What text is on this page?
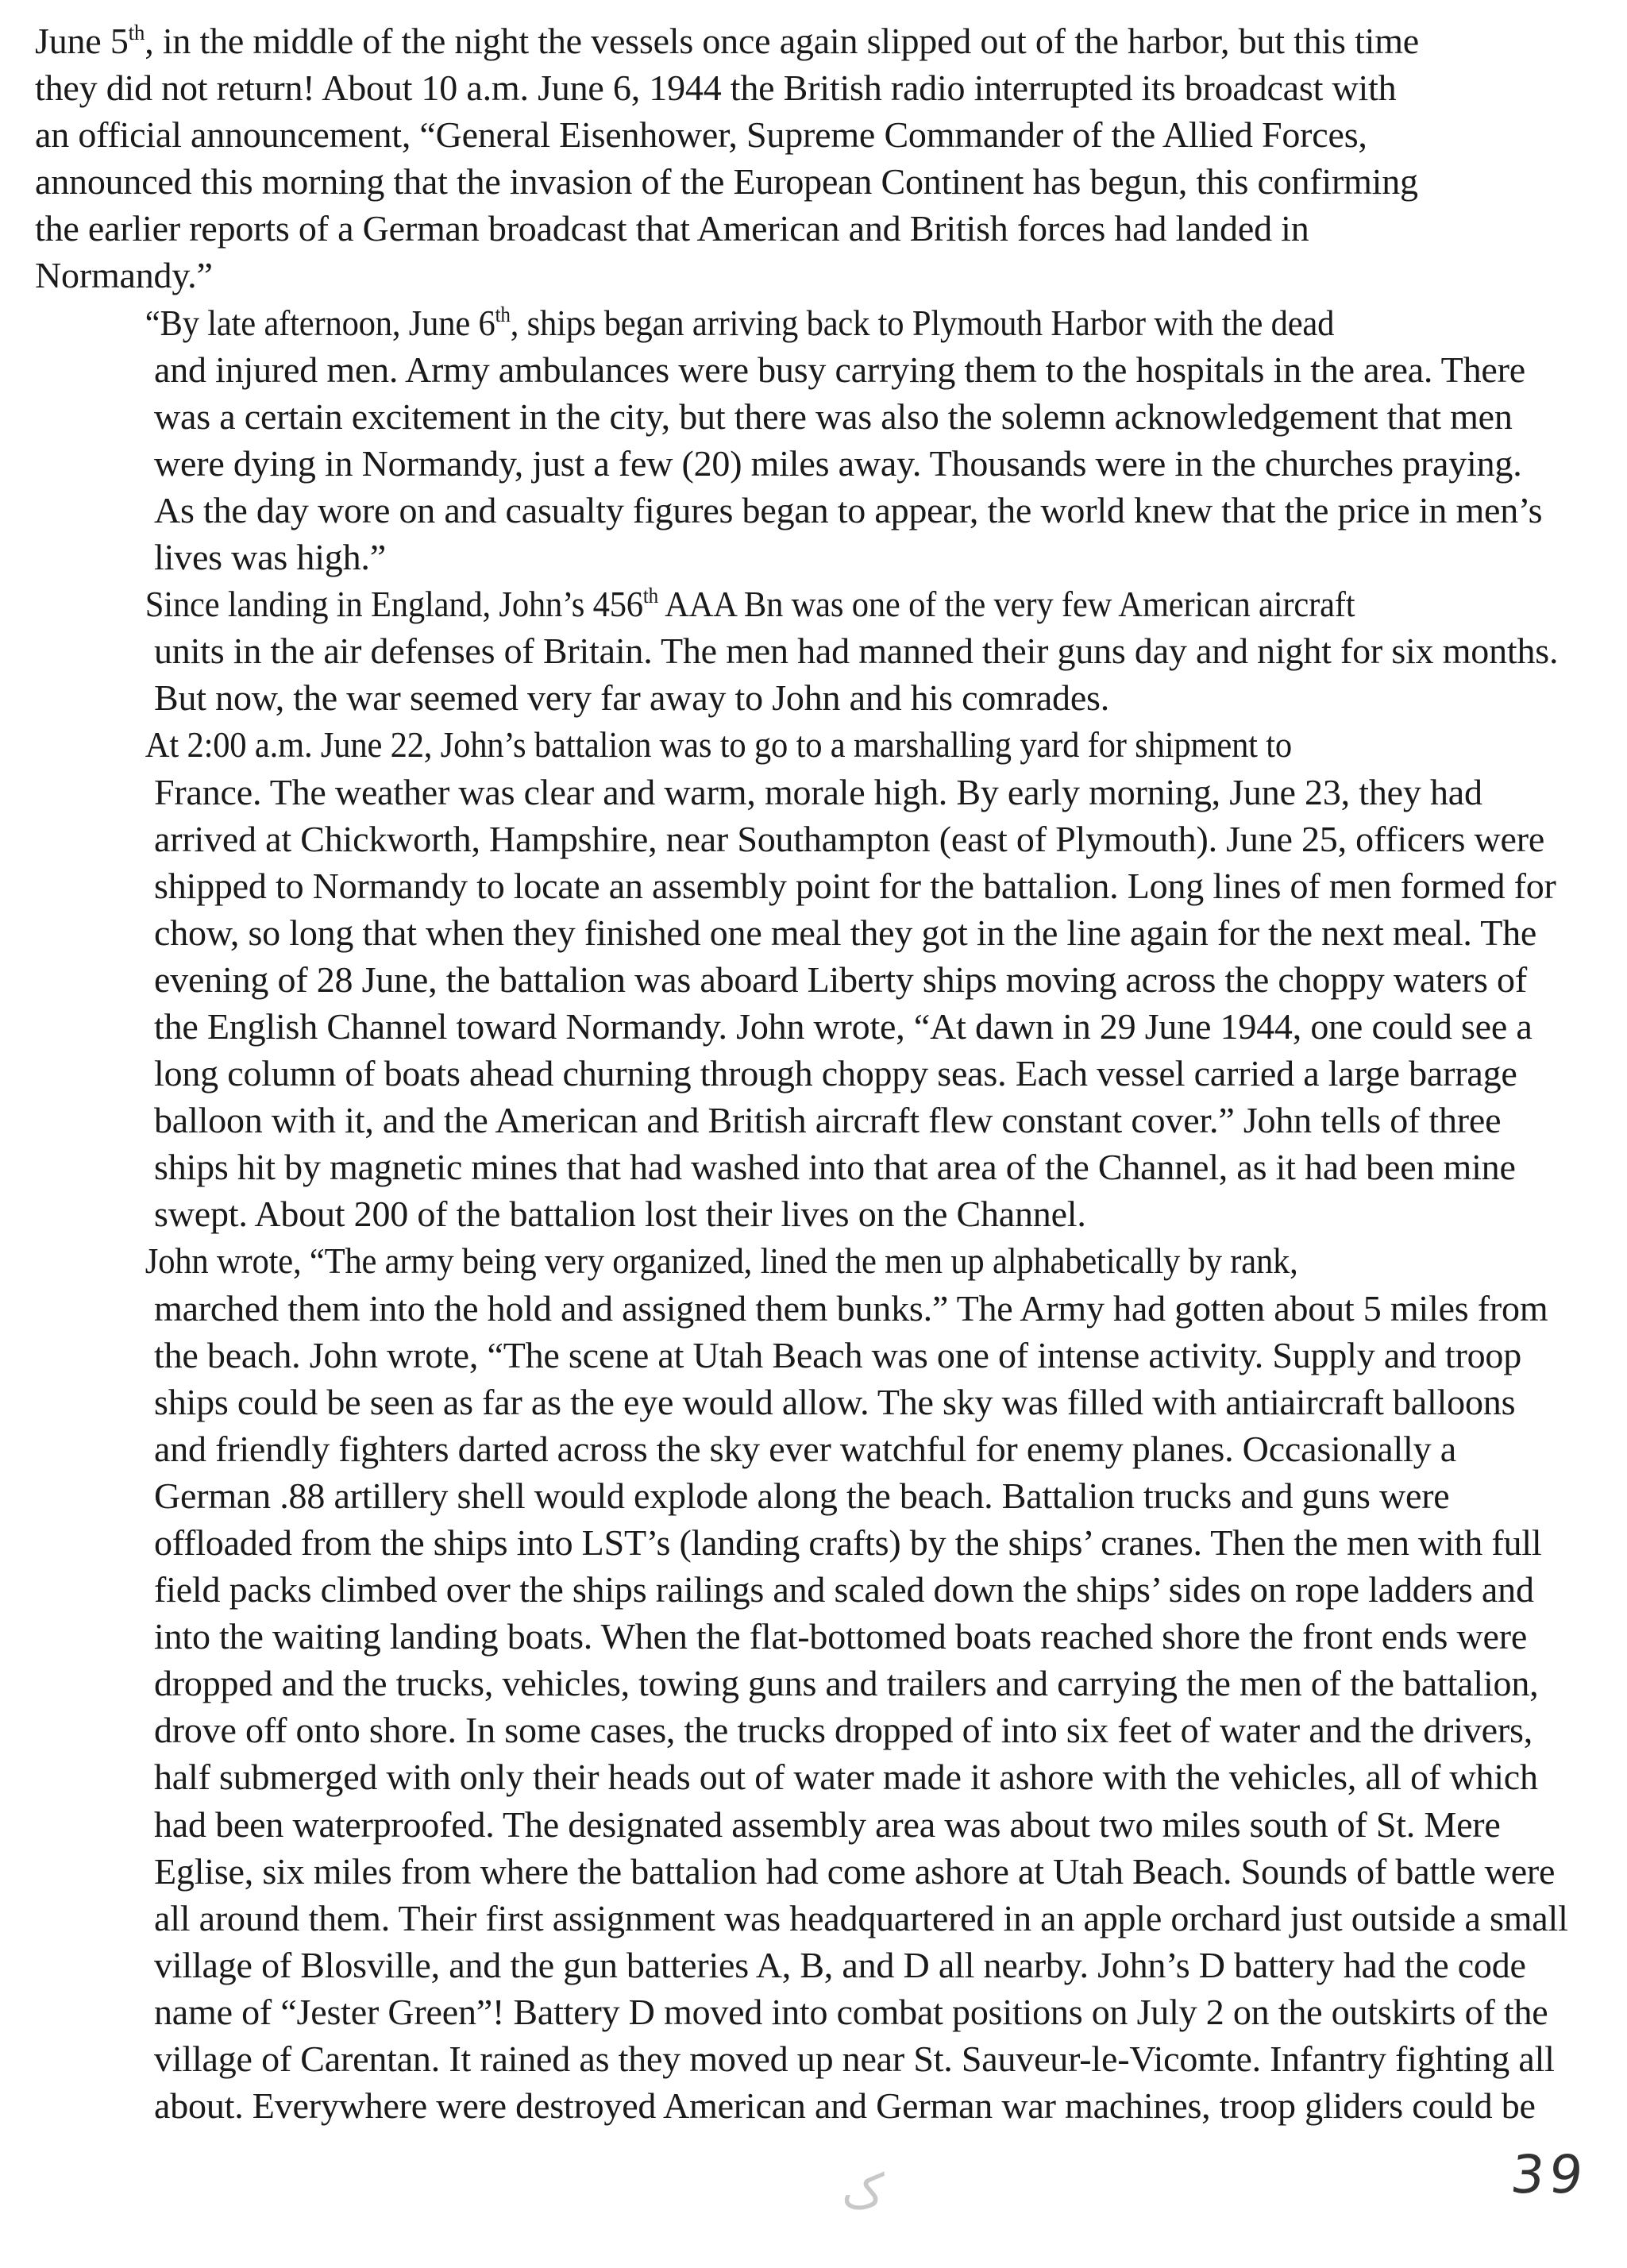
June 5th, in the middle of the night the vessels once again slipped out of the harbor, but this time
they did not return! About 10 a.m. June 6, 1944 the British radio interrupted its broadcast with
an official announcement, “General Eisenhower, Supreme Commander of the Allied Forces,
announced this morning that the invasion of the European Continent has begun, this confirming
the earlier reports of a German broadcast that American and British forces had landed in
Normandy.”
“By late afternoon, June 6th, ships began arriving back to Plymouth Harbor with the dead
and injured men. Army ambulances were busy carrying them to the hospitals in the area. There
was a certain excitement in the city, but there was also the solemn acknowledgement that men
were dying in Normandy, just a few (20) miles away. Thousands were in the churches praying.
As the day wore on and casualty figures began to appear, the world knew that the price in men’s
lives was high.”
Since landing in England, John’s 456th AAA Bn was one of the very few American aircraft
units in the air defenses of Britain. The men had manned their guns day and night for six months.
But now, the war seemed very far away to John and his comrades.
At 2:00 a.m. June 22, John’s battalion was to go to a marshalling yard for shipment to
France. The weather was clear and warm, morale high. By early morning, June 23, they had
arrived at Chickworth, Hampshire, near Southampton (east of Plymouth). June 25, officers were
shipped to Normandy to locate an assembly point for the battalion. Long lines of men formed for
chow, so long that when they finished one meal they got in the line again for the next meal. The
evening of 28 June, the battalion was aboard Liberty ships moving across the choppy waters of
the English Channel toward Normandy. John wrote, “At dawn in 29 June 1944, one could see a
long column of boats ahead churning through choppy seas. Each vessel carried a large barrage
balloon with it, and the American and British aircraft flew constant cover.” John tells of three
ships hit by magnetic mines that had washed into that area of the Channel, as it had been mine
swept. About 200 of the battalion lost their lives on the Channel.
John wrote, “The army being very organized, lined the men up alphabetically by rank,
marched them into the hold and assigned them bunks.” The Army had gotten about 5 miles from
the beach. John wrote, “The scene at Utah Beach was one of intense activity. Supply and troop
ships could be seen as far as the eye would allow. The sky was filled with antiaircraft balloons
and friendly fighters darted across the sky ever watchful for enemy planes. Occasionally a
German .88 artillery shell would explode along the beach. Battalion trucks and guns were
offloaded from the ships into LST’s (landing crafts) by the ships’ cranes. Then the men with full
field packs climbed over the ships railings and scaled down the ships’ sides on rope ladders and
into the waiting landing boats. When the flat-bottomed boats reached shore the front ends were
dropped and the trucks, vehicles, towing guns and trailers and carrying the men of the battalion,
drove off onto shore. In some cases, the trucks dropped of into six feet of water and the drivers,
half submerged with only their heads out of water made it ashore with the vehicles, all of which
had been waterproofed. The designated assembly area was about two miles south of St. Mere
Eglise, six miles from where the battalion had come ashore at Utah Beach. Sounds of battle were
all around them. Their first assignment was headquartered in an apple orchard just outside a small
village of Blosville, and the gun batteries A, B, and D all nearby. John’s D battery had the code
name of “Jester Green”! Battery D moved into combat positions on July 2 on the outskirts of the
village of Carentan. It rained as they moved up near St. Sauveur-le-Vicomte. Infantry fighting all
about. Everywhere were destroyed American and German war machines, troop gliders could be
ک	39
